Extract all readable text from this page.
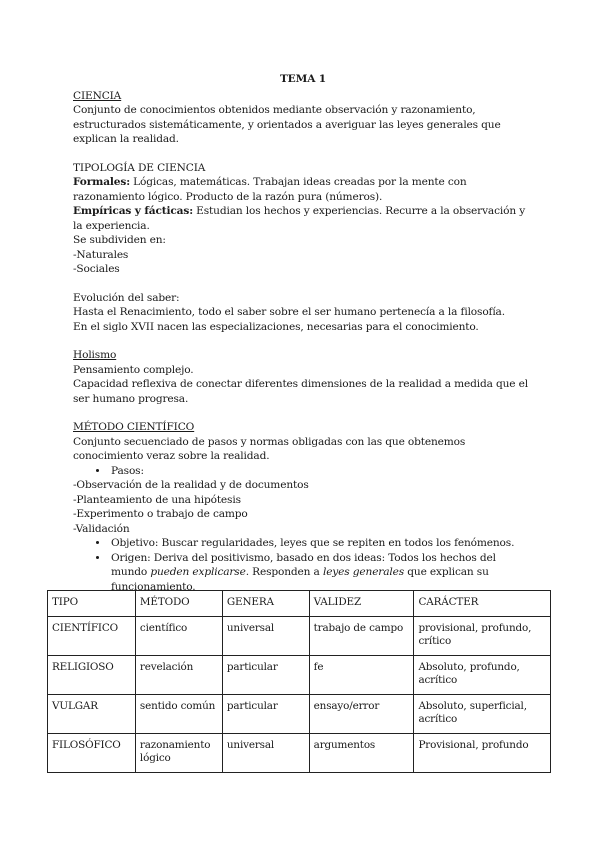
TEMA 1
CIENCIA
Conjunto de conocimientos obtenidos mediante observación y razonamiento, estructurados sistemáticamente, y orientados a averiguar las leyes generales que explican la realidad.
TIPOLOGÍA DE CIENCIA
Formales: Lógicas, matemáticas. Trabajan ideas creadas por la mente con razonamiento lógico. Producto de la razón pura (números).
Empíricas y fácticas: Estudian los hechos y experiencias. Recurre a la observación y la experiencia.
Se subdividen en:
-Naturales
-Sociales
Evolución del saber:
Hasta el Renacimiento, todo el saber sobre el ser humano pertenecía a la filosofía.
En el siglo XVII nacen las especializaciones, necesarias para el conocimiento.
Holismo
Pensamiento complejo.
Capacidad reflexiva de conectar diferentes dimensiones de la realidad a medida que el ser humano progresa.
MÉTODO CIENTÍFICO
Conjunto secuenciado de pasos y normas obligadas con las que obtenemos conocimiento veraz sobre la realidad.
• Pasos:
-Observación de la realidad y de documentos
-Planteamiento de una hipótesis
-Experimento o trabajo de campo
-Validación
• Objetivo: Buscar regularidades, leyes que se repiten en todos los fenómenos.
• Origen: Deriva del positivismo, basado en dos ideas: Todos los hechos del mundo pueden explicarse. Responden a leyes generales que explican su funcionamiento.
TIPO	MÉTODO	GENERA	VALIDEZ	CARÁCTER
CIENTÍFICO	científico	universal	trabajo de campo	provisional, profundo, crítico
RELIGIOSO	revelación	particular	fe	Absoluto, profundo, acrítico
VULGAR	sentido común	particular	ensayo/error	Absoluto, superficial, acrítico
FILOSÓFICO	razonamiento lógico	universal	argumentos	Provisional, profundo
